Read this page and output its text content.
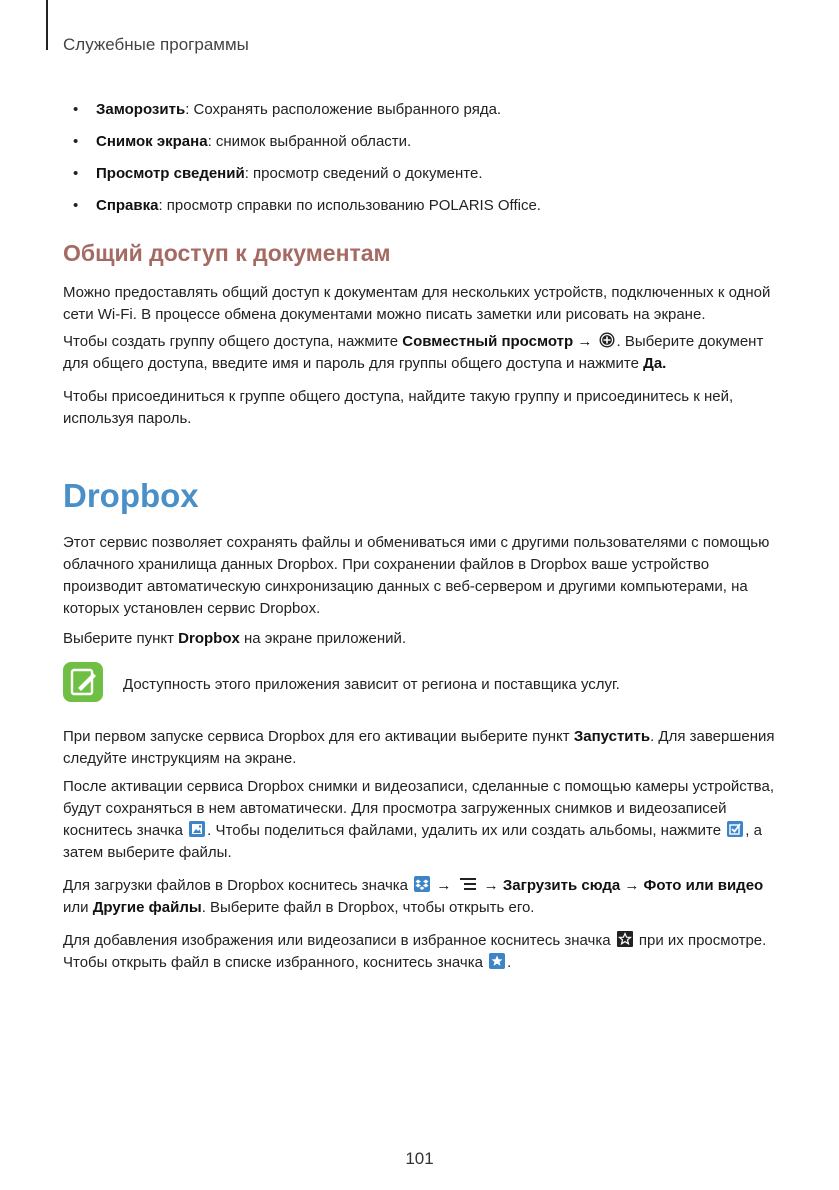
Служебные программы
• Заморозить: Сохранять расположение выбранного ряда.
• Снимок экрана: снимок выбранной области.
• Просмотр сведений: просмотр сведений о документе.
• Справка: просмотр справки по использованию POLARIS Office.
Общий доступ к документам

Можно предоставлять общий доступ к документам для нескольких устройств, подключенных к одной сети Wi-Fi. В процессе обмена документами можно писать заметки или рисовать на экране.

Чтобы создать группу общего доступа, нажмите Совместный просмотр →
. Выберите документ для общего доступа, введите имя и пароль для группы общего доступа и нажмите Да.

Чтобы присоединиться к группе общего доступа, найдите такую группу и присоединитесь к ней, используя пароль.

Dropbox

Этот сервис позволяет сохранять файлы и обмениваться ими с другими пользователями с помощью облачного хранилища данных Dropbox. При сохранении файлов в Dropbox ваше устройство производит автоматическую синхронизацию данных с веб-сервером и другими компьютерами, на которых установлен сервис Dropbox.

Выберите пункт Dropbox на экране приложений.

Доступность этого приложения зависит от региона и поставщика услуг.

При первом запуске сервиса Dropbox для его активации выберите пункт Запустить. Для завершения следуйте инструкциям на экране.

После активации сервиса Dropbox снимки и видеозаписи, сделанные с помощью камеры устройства, будут сохраняться в нем автоматически. Для просмотра загруженных снимков и видеозаписей коснитесь значка
. Чтобы поделиться файлами, удалить их или создать альбомы, нажмите
, а затем выберите файлы.

Для загрузки файлов в Dropbox коснитесь значка
→
→ Загрузить сюда → Фото или видео или Другие файлы. Выберите файл в Dropbox, чтобы открыть его.

Для добавления изображения или видеозаписи в избранное коснитесь значка
при их просмотре. Чтобы открыть файл в списке избранного, коснитесь значка
.

101
